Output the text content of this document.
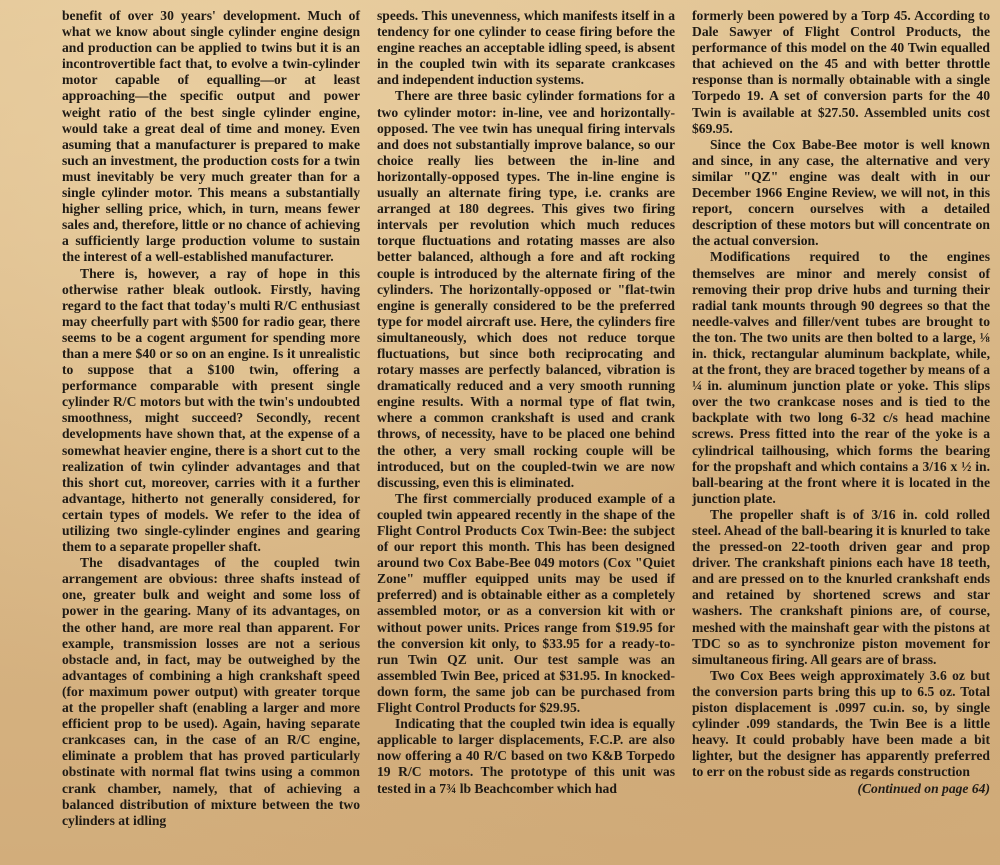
benefit of over 30 years' development. Much of what we know about single cylinder engine design and production can be applied to twins but it is an incontrovertible fact that, to evolve a twin-cylinder motor capable of equalling—or at least approaching—the specific output and power weight ratio of the best single cylinder engine, would take a great deal of time and money. Even asuming that a manufacturer is prepared to make such an investment, the production costs for a twin must inevitably be very much greater than for a single cylinder motor. This means a substantially higher selling price, which, in turn, means fewer sales and, therefore, little or no chance of achieving a sufficiently large production volume to sustain the interest of a well-established manufacturer.

There is, however, a ray of hope in this otherwise rather bleak outlook. Firstly, having regard to the fact that today's multi R/C enthusiast may cheerfully part with $500 for radio gear, there seems to be a cogent argument for spending more than a mere $40 or so on an engine. Is it unrealistic to suppose that a $100 twin, offering a performance comparable with present single cylinder R/C motors but with the twin's undoubted smoothness, might succeed? Secondly, recent developments have shown that, at the expense of a somewhat heavier engine, there is a short cut to the realization of twin cylinder advantages and that this short cut, moreover, carries with it a further advantage, hitherto not generally considered, for certain types of models. We refer to the idea of utilizing two single-cylinder engines and gearing them to a separate propeller shaft.

The disadvantages of the coupled twin arrangement are obvious: three shafts instead of one, greater bulk and weight and some loss of power in the gearing. Many of its advantages, on the other hand, are more real than apparent. For example, transmission losses are not a serious obstacle and, in fact, may be outweighed by the advantages of combining a high crankshaft speed (for maximum power output) with greater torque at the propeller shaft (enabling a larger and more efficient prop to be used). Again, having separate crankcases can, in the case of an R/C engine, eliminate a problem that has proved particularly obstinate with normal flat twins using a common crank chamber, namely, that of achieving a balanced distribution of mixture between the two cylinders at idling

speeds. This unevenness, which manifests itself in a tendency for one cylinder to cease firing before the engine reaches an acceptable idling speed, is absent in the coupled twin with its separate crankcases and independent induction systems.

There are three basic cylinder formations for a two cylinder motor: in-line, vee and horizontally-opposed. The vee twin has unequal firing intervals and does not substantially improve balance, so our choice really lies between the in-line and horizontally-opposed types. The in-line engine is usually an alternate firing type, i.e. cranks are arranged at 180 degrees. This gives two firing intervals per revolution which much reduces torque fluctuations and rotating masses are also better balanced, although a fore and aft rocking couple is introduced by the alternate firing of the cylinders. The horizontally-opposed or "flat-twin engine is generally considered to be the preferred type for model aircraft use. Here, the cylinders fire simultaneously, which does not reduce torque fluctuations, but since both reciprocating and rotary masses are perfectly balanced, vibration is dramatically reduced and a very smooth running engine results. With a normal type of flat twin, where a common crankshaft is used and crank throws, of necessity, have to be placed one behind the other, a very small rocking couple will be introduced, but on the coupled-twin we are now discussing, even this is eliminated.

The first commercially produced example of a coupled twin appeared recently in the shape of the Flight Control Products Cox Twin-Bee: the subject of our report this month. This has been designed around two Cox Babe-Bee 049 motors (Cox "Quiet Zone" muffler equipped units may be used if preferred) and is obtainable either as a completely assembled motor, or as a conversion kit with or without power units. Prices range from $19.95 for the conversion kit only, to $33.95 for a ready-to-run Twin QZ unit. Our test sample was an assembled Twin Bee, priced at $31.95. In knocked-down form, the same job can be purchased from Flight Control Products for $29.95.

Indicating that the coupled twin idea is equally applicable to larger displacements, F.C.P. are also now offering a 40 R/C based on two K&B Torpedo 19 R/C motors. The prototype of this unit was tested in a 7¾ lb Beachcomber which had

formerly been powered by a Torp 45. According to Dale Sawyer of Flight Control Products, the performance of this model on the 40 Twin equalled that achieved on the 45 and with better throttle response than is normally obtainable with a single Torpedo 19. A set of conversion parts for the 40 Twin is available at $27.50. Assembled units cost $69.95.

Since the Cox Babe-Bee motor is well known and since, in any case, the alternative and very similar "QZ" engine was dealt with in our December 1966 Engine Review, we will not, in this report, concern ourselves with a detailed description of these motors but will concentrate on the actual conversion.

Modifications required to the engines themselves are minor and merely consist of removing their prop drive hubs and turning their radial tank mounts through 90 degrees so that the needle-valves and filler/vent tubes are brought to the ton. The two units are then bolted to a large, ⅛ in. thick, rectangular aluminum backplate, while, at the front, they are braced together by means of a ¼ in. aluminum junction plate or yoke. This slips over the two crankcase noses and is tied to the backplate with two long 6-32 c/s head machine screws. Press fitted into the rear of the yoke is a cylindrical tailhousing, which forms the bearing for the propshaft and which contains a 3/16 x ½ in. ball-bearing at the front where it is located in the junction plate.

The propeller shaft is of 3/16 in. cold rolled steel. Ahead of the ball-bearing it is knurled to take the pressed-on 22-tooth driven gear and prop driver. The crankshaft pinions each have 18 teeth, and are pressed on to the knurled crankshaft ends and retained by shortened screws and star washers. The crankshaft pinions are, of course, meshed with the mainshaft gear with the pistons at TDC so as to synchronize piston movement for simultaneous firing. All gears are of brass.

Two Cox Bees weigh approximately 3.6 oz but the conversion parts bring this up to 6.5 oz. Total piston displacement is .0997 cu.in. so, by single cylinder .099 standards, the Twin Bee is a little heavy. It could probably have been made a bit lighter, but the designer has apparently preferred to err on the robust side as regards construction

(Continued on page 64)
